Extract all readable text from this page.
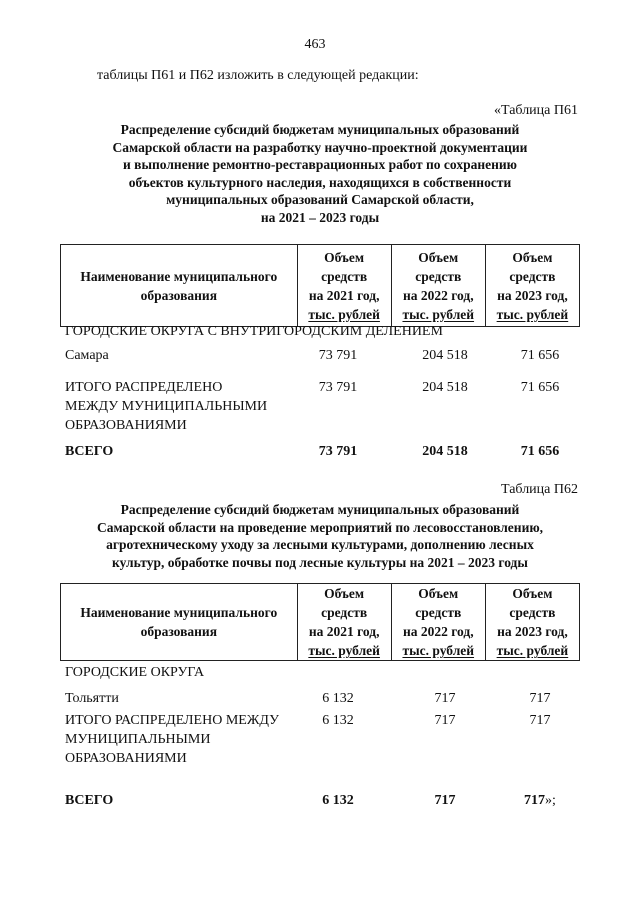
463
таблицы П61 и П62 изложить в следующей редакции:
«Таблица П61
Распределение субсидий бюджетам муниципальных образований
Самарской области на разработку научно-проектной документации
и выполнение ремонтно-реставрационных работ по сохранению
объектов культурного наследия, находящихся в собственности
муниципальных образований Самарской области,
на 2021 – 2023 годы
Наименование муниципального
образования

Объем
средств
на 2021 год,
тыс. рублей

Объем
средств
на 2022 год,
тыс. рублей

Объем
средств
на 2023 год,
тыс. рублей
ГОРОДСКИЕ ОКРУГА С ВНУТРИГОРОДСКИМ ДЕЛЕНИЕМ
Самара	73 791	204 518	71 656
ИТОГО РАСПРЕДЕЛЕНО
МЕЖДУ МУНИЦИПАЛЬНЫМИ
ОБРАЗОВАНИЯМИ
73 791	204 518	71 656
ВСЕГО	73 791	204 518	71 656
Таблица П62
Распределение субсидий бюджетам муниципальных образований
Самарской области на проведение мероприятий по лесовосстановлению,
агротехническому уходу за лесными культурами, дополнению лесных
культур, обработке почвы под лесные культуры на 2021 – 2023 годы
Наименование муниципального
образования

Объем
средств
на 2021 год,
тыс. рублей

Объем
средств
на 2022 год,
тыс. рублей

Объем
средств
на 2023 год,
тыс. рублей
ГОРОДСКИЕ ОКРУГА
Тольятти	6 132	717	717
ИТОГО РАСПРЕДЕЛЕНО МЕЖДУ
МУНИЦИПАЛЬНЫМИ
ОБРАЗОВАНИЯМИ
6 132	717	717
ВСЕГО	6 132	717	717»;
